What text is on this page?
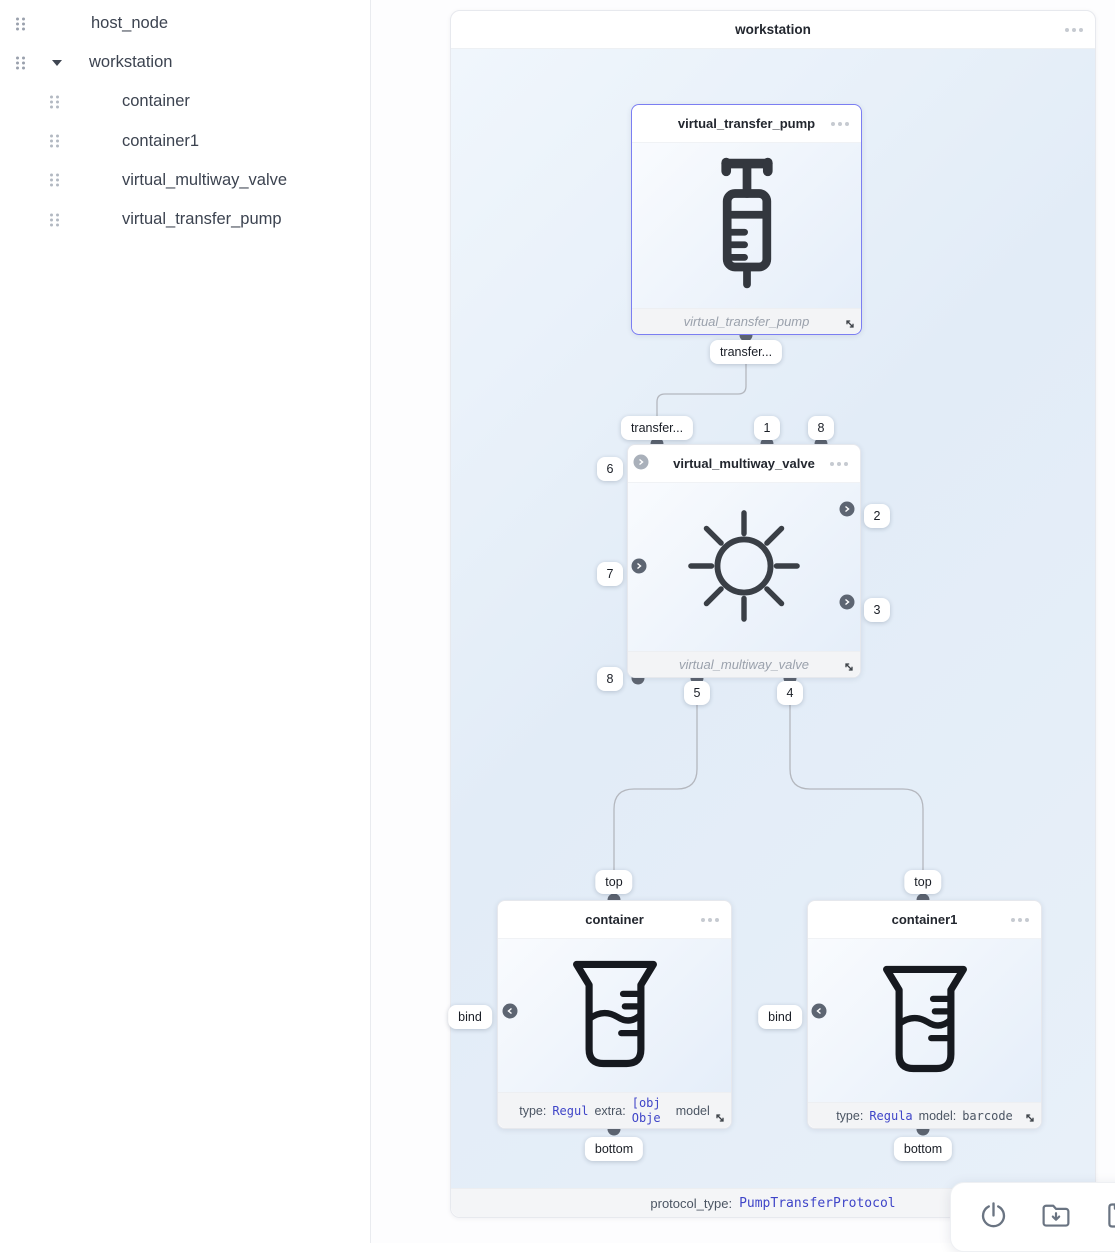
host_node
workstation
container
container1
virtual_multiway_valve
virtual_transfer_pump
workstation
protocol_type: PumpTransferProtocol
virtual_transfer_pump
virtual_transfer_pump
virtual_multiway_valve
virtual_multiway_valve
container
type: Regul extra:
[obj Obje	model
container1
type: Regula model: barcode
transfer...
transfer...	1	8
6
2
7
3
8
5	4
top
bind
bottom
top
bind
bottom
